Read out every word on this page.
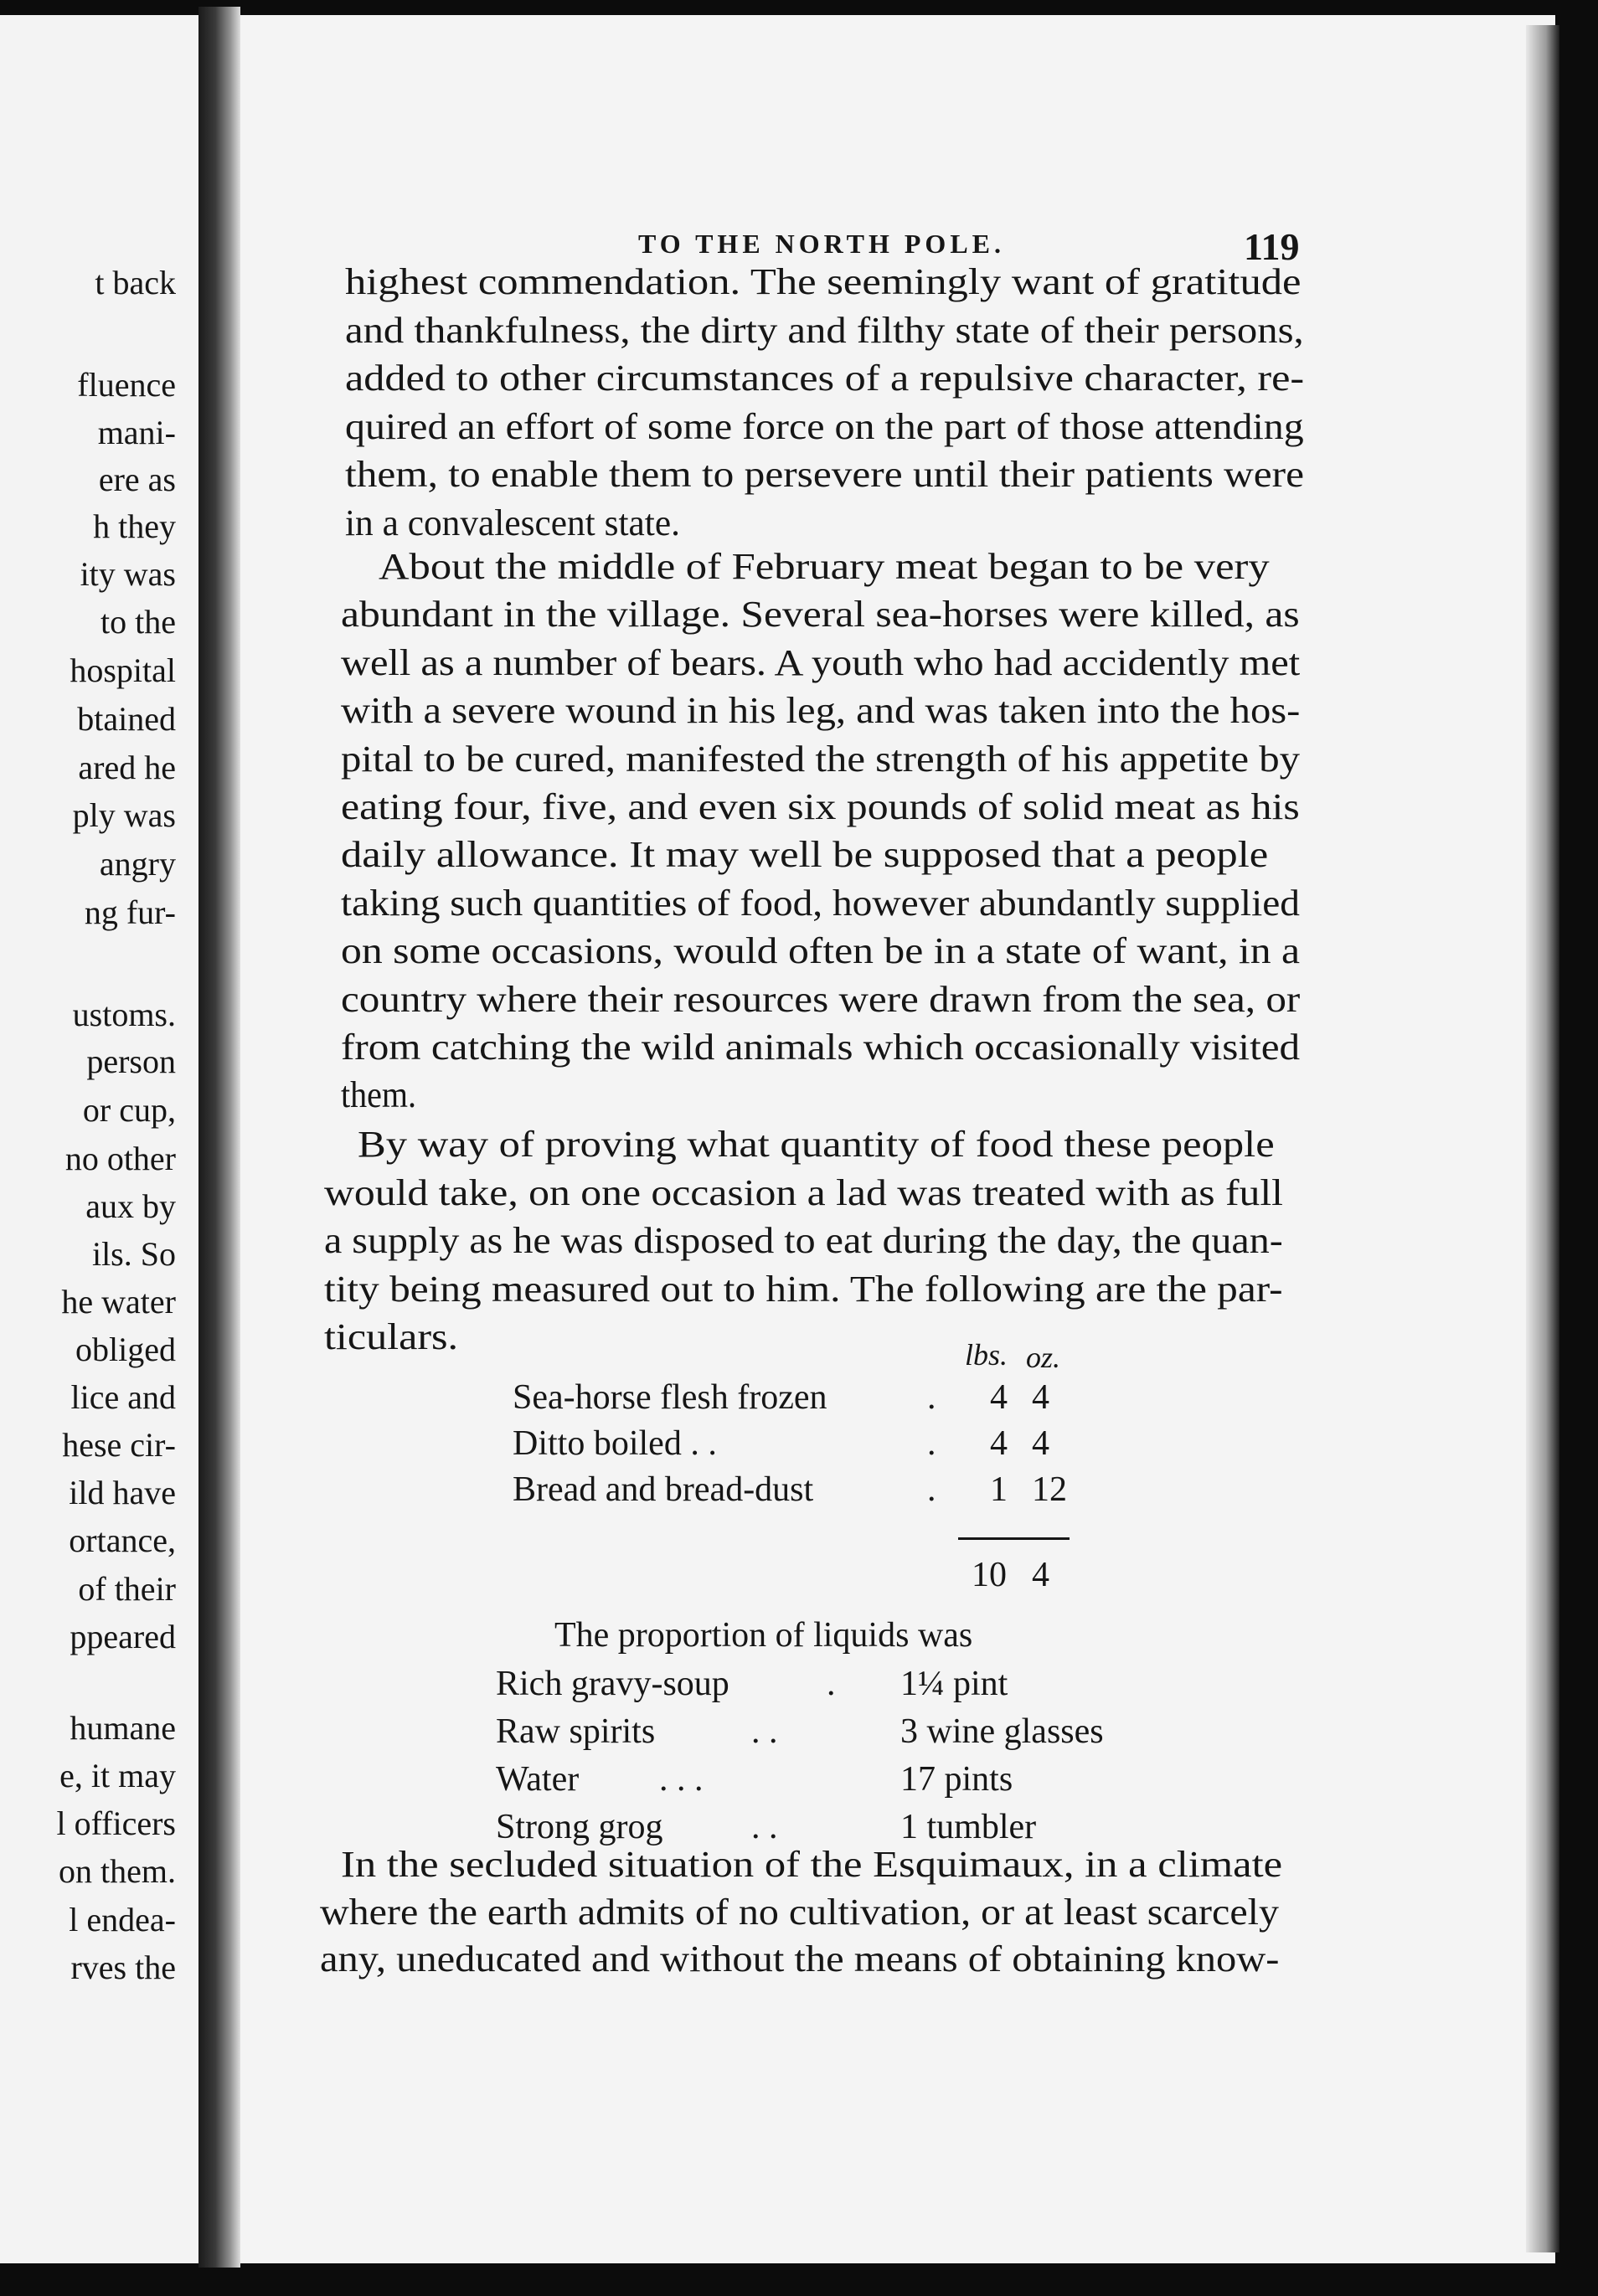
t back
fluence
mani-
ere as
h they
ity was
to the
hospital
btained
ared he
ply was
angry
ng fur-
ustoms.
person
or cup,
no other
aux by
ils. So
he water
obliged
lice and
hese cir-
ild have
ortance,
of their
ppeared
humane
e, it may
l officers
on them.
l endea-
rves the
TO THE NORTH POLE.	119
highest commendation. The seemingly want of gratitude
and thankfulness, the dirty and filthy state of their persons,
added to other circumstances of a repulsive character, re-
quired an effort of some force on the part of those attending
them, to enable them to persevere until their patients were
in a convalescent state.
About the middle of February meat began to be very
abundant in the village. Several sea-horses were killed, as
well as a number of bears. A youth who had accidently met
with a severe wound in his leg, and was taken into the hos-
pital to be cured, manifested the strength of his appetite by
eating four, five, and even six pounds of solid meat as his
daily allowance. It may well be supposed that a people
taking such quantities of food, however abundantly supplied
on some occasions, would often be in a state of want, in a
country where their resources were drawn from the sea, or
from catching the wild animals which occasionally visited
them.
By way of proving what quantity of food these people
would take, on one occasion a lad was treated with as full
a supply as he was disposed to eat during the day, the quan-
tity being measured out to him. The following are the par-
ticulars.
In the secluded situation of the Esquimaux, in a climate
where the earth admits of no cultivation, or at least scarcely
any, uneducated and without the means of obtaining know-
lbs. oz.
Sea-horse flesh frozen	. 4 4
Ditto boiled . .	. 4 4
Bread and bread-dust	. 1 12
10 4
The proportion of liquids was
Rich gravy-soup	. 1¼ pint
Raw spirits	. .	3 wine glasses
Water . . .	17 pints
Strong grog	. .	1 tumbler
